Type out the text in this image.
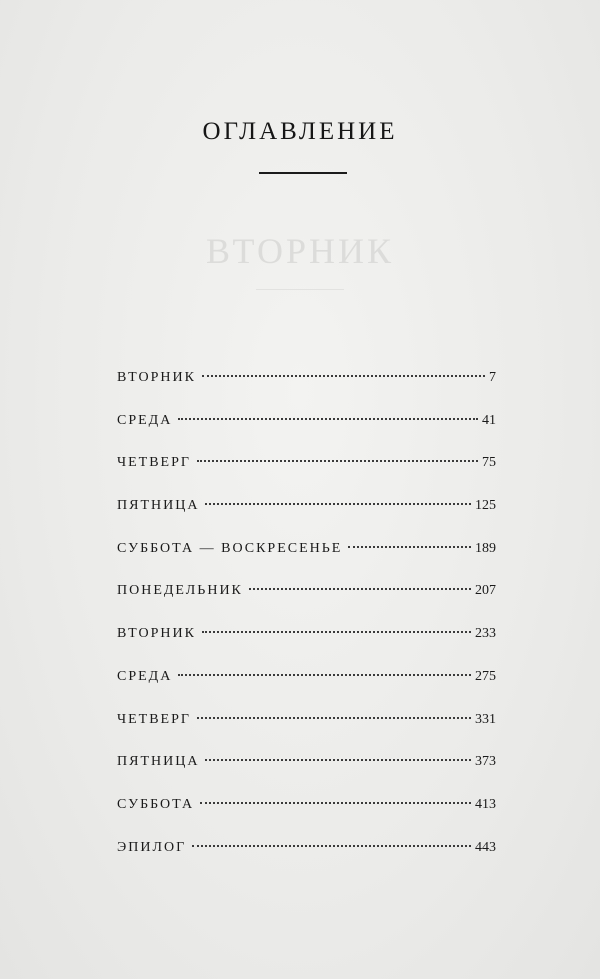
ОГЛАВЛЕНИЕ
ВТОРНИК
ВТОРНИК	7
СРЕДА	41
ЧЕТВЕРГ	75
ПЯТНИЦА	125
СУББОТА — ВОСКРЕСЕНЬЕ	189
ПОНЕДЕЛЬНИК	207
ВТОРНИК	233
СРЕДА	275
ЧЕТВЕРГ	331
ПЯТНИЦА	373
СУББОТА	413
ЭПИЛОГ	443
